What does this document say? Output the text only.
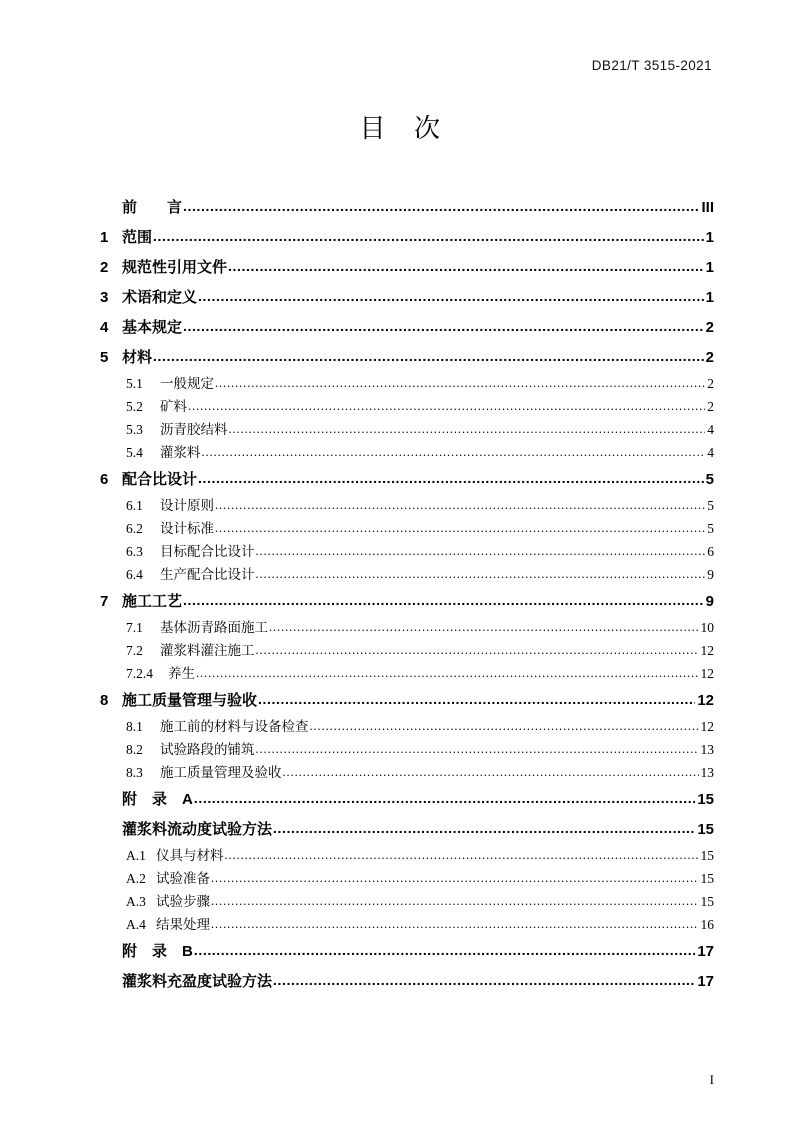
DB21/T 3515-2021
目 次
前　　言 .....	III
1 范围 .....	1
2 规范性引用文件 .....	1
3 术语和定义 .....	1
4 基本规定 .....	2
5 材料 .....	2
5.1	一般规定 .....	2
5.2	矿料 .....	2
5.3	沥青胶结料 .....	4
5.4	灌浆料 .....	4
6 配合比设计 .....	5
6.1	设计原则 .....	5
6.2	设计标准 .....	5
6.3	目标配合比设计 .....	6
6.4	生产配合比设计 .....	9
7 施工工艺 .....	9
7.1	基体沥青路面施工 .....	10
7.2	灌浆料灌注施工 .....	12
7.2.4	养生 .....	12
8 施工质量管理与验收 .....	12
8.1	施工前的材料与设备检查 .....	12
8.2	试验路段的铺筑 .....	13
8.3	施工质量管理及验收 .....	13
附　录　A .....	15
灌浆料流动度试验方法 .....	15
A.1 仪具与材料 .....	15
A.2 试验准备 .....	15
A.3 试验步骤 .....	15
A.4 结果处理 .....	16
附　录　B .....	17
灌浆料充盈度试验方法 .....	17
I
